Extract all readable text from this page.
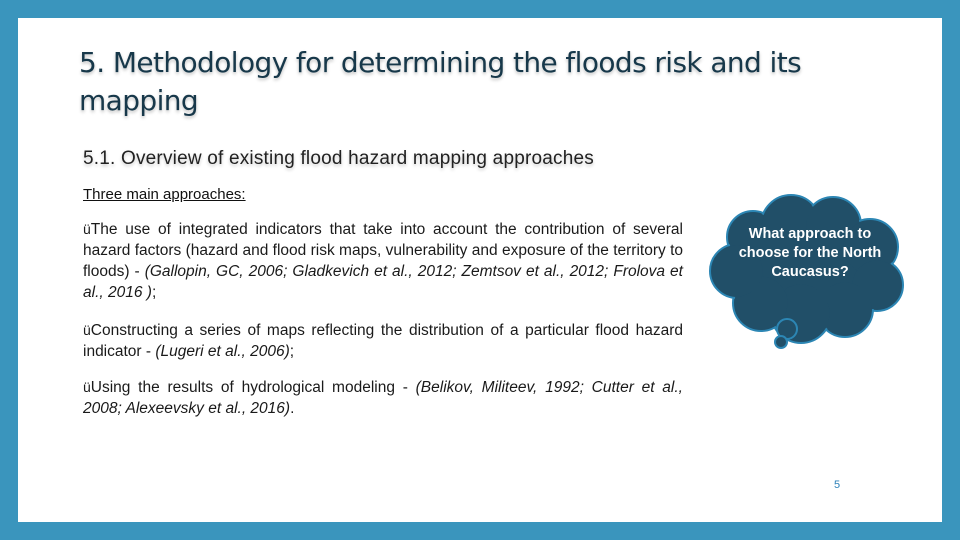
5. Methodology for determining the floods risk and its mapping
5.1. Overview of existing flood hazard mapping approaches
Three main approaches:

üThe use of integrated indicators that take into account the contribution of several hazard factors (hazard and flood risk maps, vulnerability and exposure of the territory to floods) - (Gallopin, GC, 2006; Gladkevich et al., 2012; Zemtsov et al., 2012; Frolova et al., 2016 );

üConstructing a series of maps reflecting the distribution of a particular flood hazard indicator - (Lugeri et al., 2006);

üUsing the results of hydrological modeling - (Belikov, Militeev, 1992; Cutter et al., 2008; Alexeevsky et al., 2016).

What approach to choose for the North Caucasus?
5
